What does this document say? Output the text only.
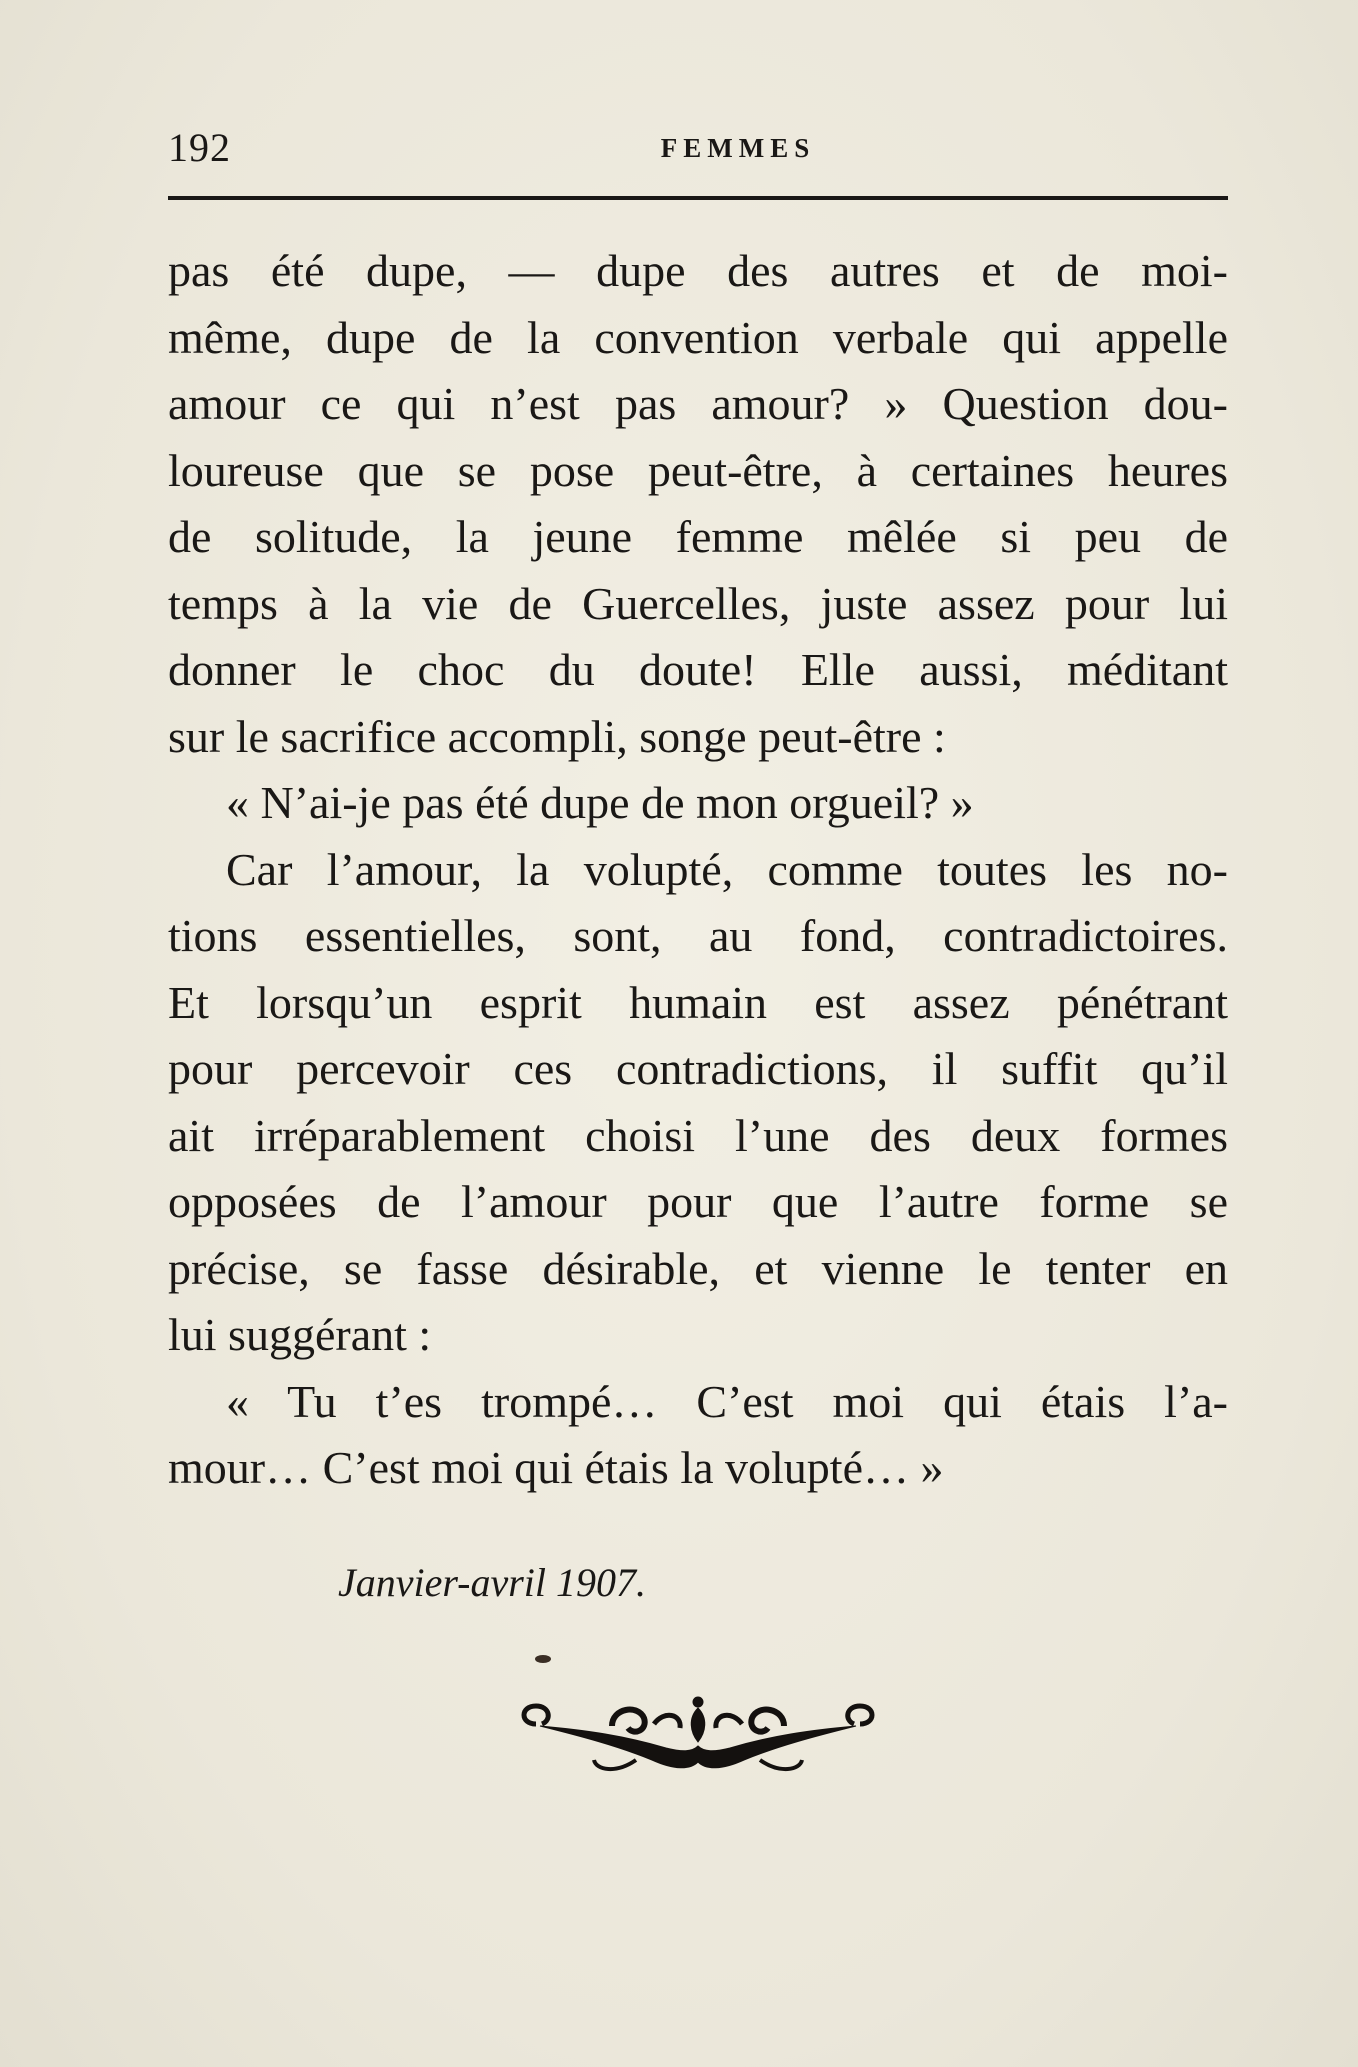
192	FEMMES
pas été dupe, — dupe des autres et de moi-
même, dupe de la convention verbale qui appelle
amour ce qui n’est pas amour? » Question dou-
loureuse que se pose peut-être, à certaines heures
de solitude, la jeune femme mêlée si peu de
temps à la vie de Guercelles, juste assez pour lui
donner le choc du doute! Elle aussi, méditant
sur le sacrifice accompli, songe peut-être :
« N’ai-je pas été dupe de mon orgueil? »
Car l’amour, la volupté, comme toutes les no-
tions essentielles, sont, au fond, contradictoires.
Et lorsqu’un esprit humain est assez pénétrant
pour percevoir ces contradictions, il suffit qu’il
ait irréparablement choisi l’une des deux formes
opposées de l’amour pour que l’autre forme se
précise, se fasse désirable, et vienne le tenter en
lui suggérant :
« Tu t’es trompé… C’est moi qui étais l’a-
mour… C’est moi qui étais la volupté… »
Janvier-avril 1907.
